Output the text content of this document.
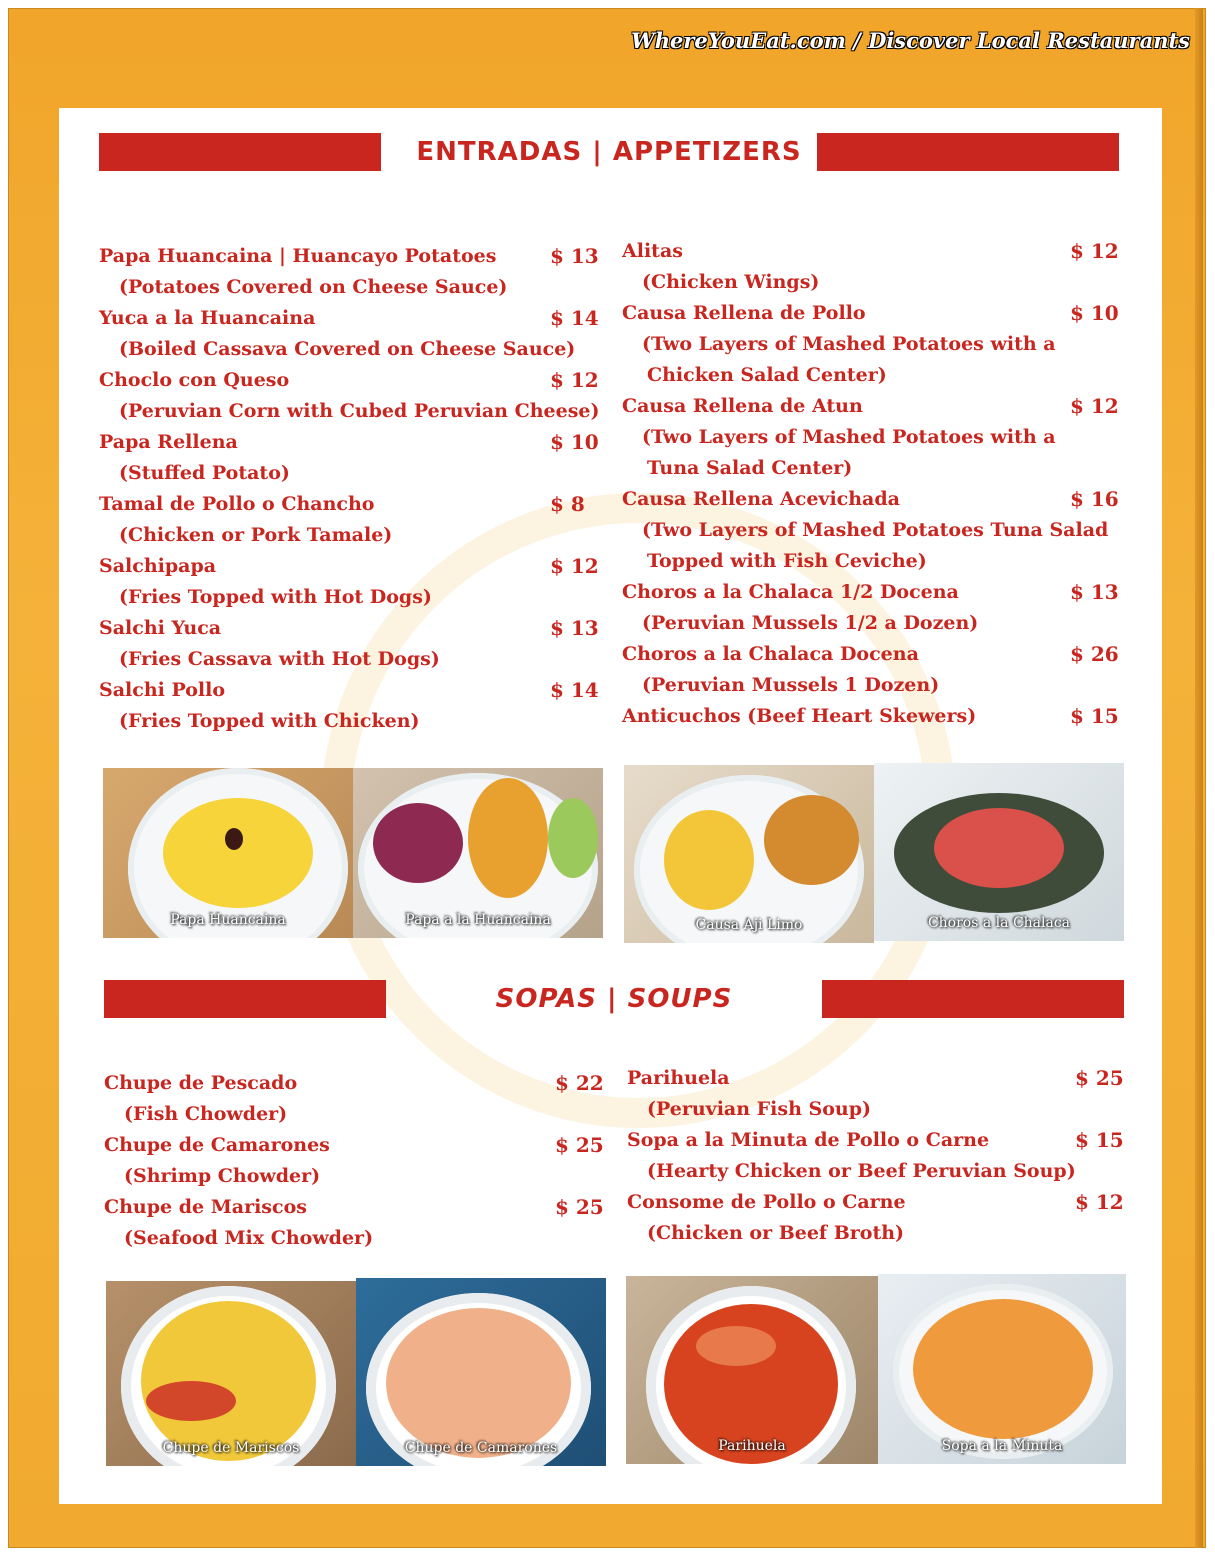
WhereYouEat.com / Discover Local Restaurants
ENTRADAS | APPETIZERS
Papa Huancaina | Huancayo Potatoes
(Potatoes Covered on Cheese Sauce)
$ 13
Yuca a la Huancaina
(Boiled Cassava Covered on Cheese Sauce)
$ 14
Choclo con Queso
(Peruvian Corn with Cubed Peruvian Cheese)
$ 12
Papa Rellena
(Stuffed Potato)
$ 10
Tamal de Pollo o Chancho
(Chicken or Pork Tamale)
$ 8
Salchipapa
(Fries Topped with Hot Dogs)
$ 12
Salchi Yuca
(Fries Cassava with Hot Dogs)
$ 13
Salchi Pollo
(Fries Topped with Chicken)
$ 14
Alitas
(Chicken Wings)
$ 12
Causa Rellena de Pollo
(Two Layers of Mashed Potatoes with a
Chicken Salad Center)
$ 10
Causa Rellena de Atun
(Two Layers of Mashed Potatoes with a
Tuna Salad Center)
$ 12
Causa Rellena Acevichada
(Two Layers of Mashed Potatoes Tuna Salad
Topped with Fish Ceviche)
$ 16
Choros a la Chalaca 1/2 Docena
(Peruvian Mussels 1/2 a Dozen)
$ 13
Choros a la Chalaca Docena
(Peruvian Mussels 1 Dozen)
$ 26
Anticuchos (Beef Heart Skewers)	$ 15
Papa Huancaina	Papa a la Huancaina	Causa Aji Limo	Choros a la Chalaca
SOPAS | SOUPS
Chupe de Pescado
(Fish Chowder)
$ 22
Chupe de Camarones
(Shrimp Chowder)
$ 25
Chupe de Mariscos
(Seafood Mix Chowder)
$ 25
Parihuela
(Peruvian Fish Soup)
$ 25
Sopa a la Minuta de Pollo o Carne
(Hearty Chicken or Beef Peruvian Soup)
$ 15
Consome de Pollo o Carne
(Chicken or Beef Broth)
$ 12
Chupe de Mariscos	Chupe de Camarones	Parihuela	Sopa a la Minuta
